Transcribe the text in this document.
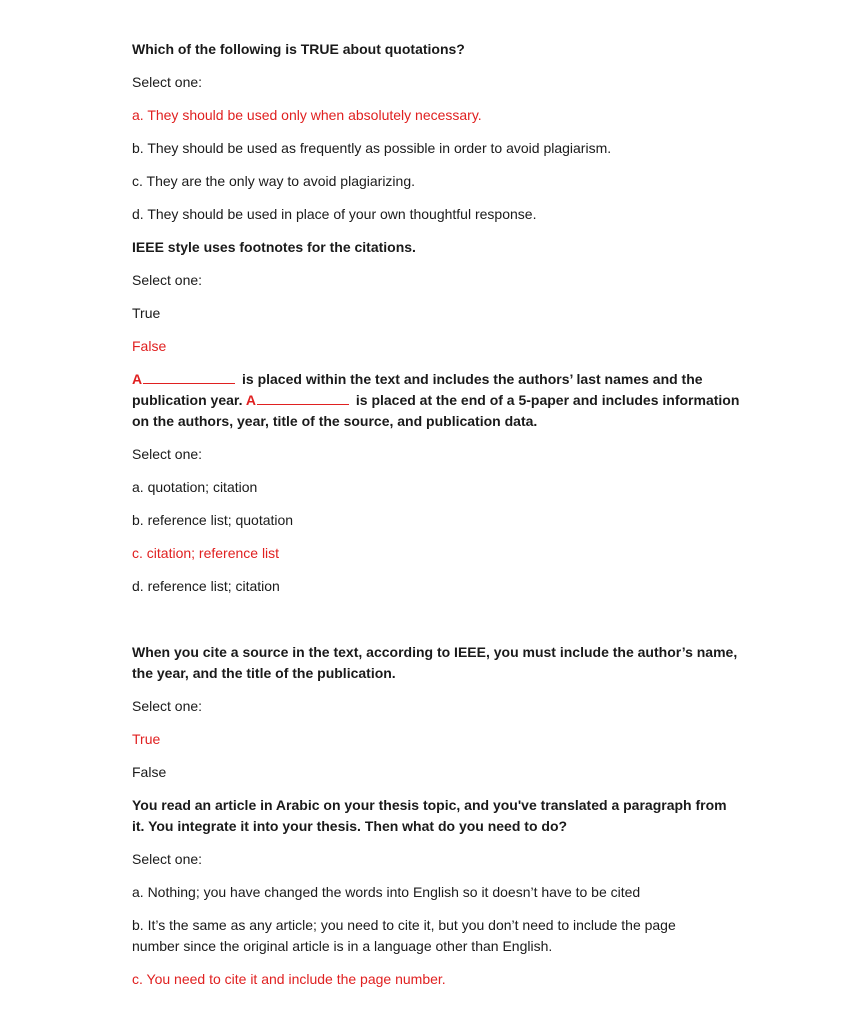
Which of the following is TRUE about quotations?
Select one:
a. They should be used only when absolutely necessary.
b. They should be used as frequently as possible in order to avoid plagiarism.
c. They are the only way to avoid plagiarizing.
d. They should be used in place of your own thoughtful response.
IEEE style uses footnotes for the citations.
Select one:
True
False
A	is placed within the text and includes the authors’ last names and the
publication year. A	is placed at the end of a 5-paper and includes information
on the authors, year, title of the source, and publication data.
Select one:
a. quotation; citation
b. reference list; quotation
c. citation; reference list
d. reference list; citation
When you cite a source in the text, according to IEEE, you must include the author’s name,
the year, and the title of the publication.
Select one:
True
False
You read an article in Arabic on your thesis topic, and you've translated a paragraph from
it. You integrate it into your thesis. Then what do you need to do?
Select one:
a. Nothing; you have changed the words into English so it doesn’t have to be cited
b. It’s the same as any article; you need to cite it, but you don’t need to include the page
number since the original article is in a language other than English.
c. You need to cite it and include the page number.
